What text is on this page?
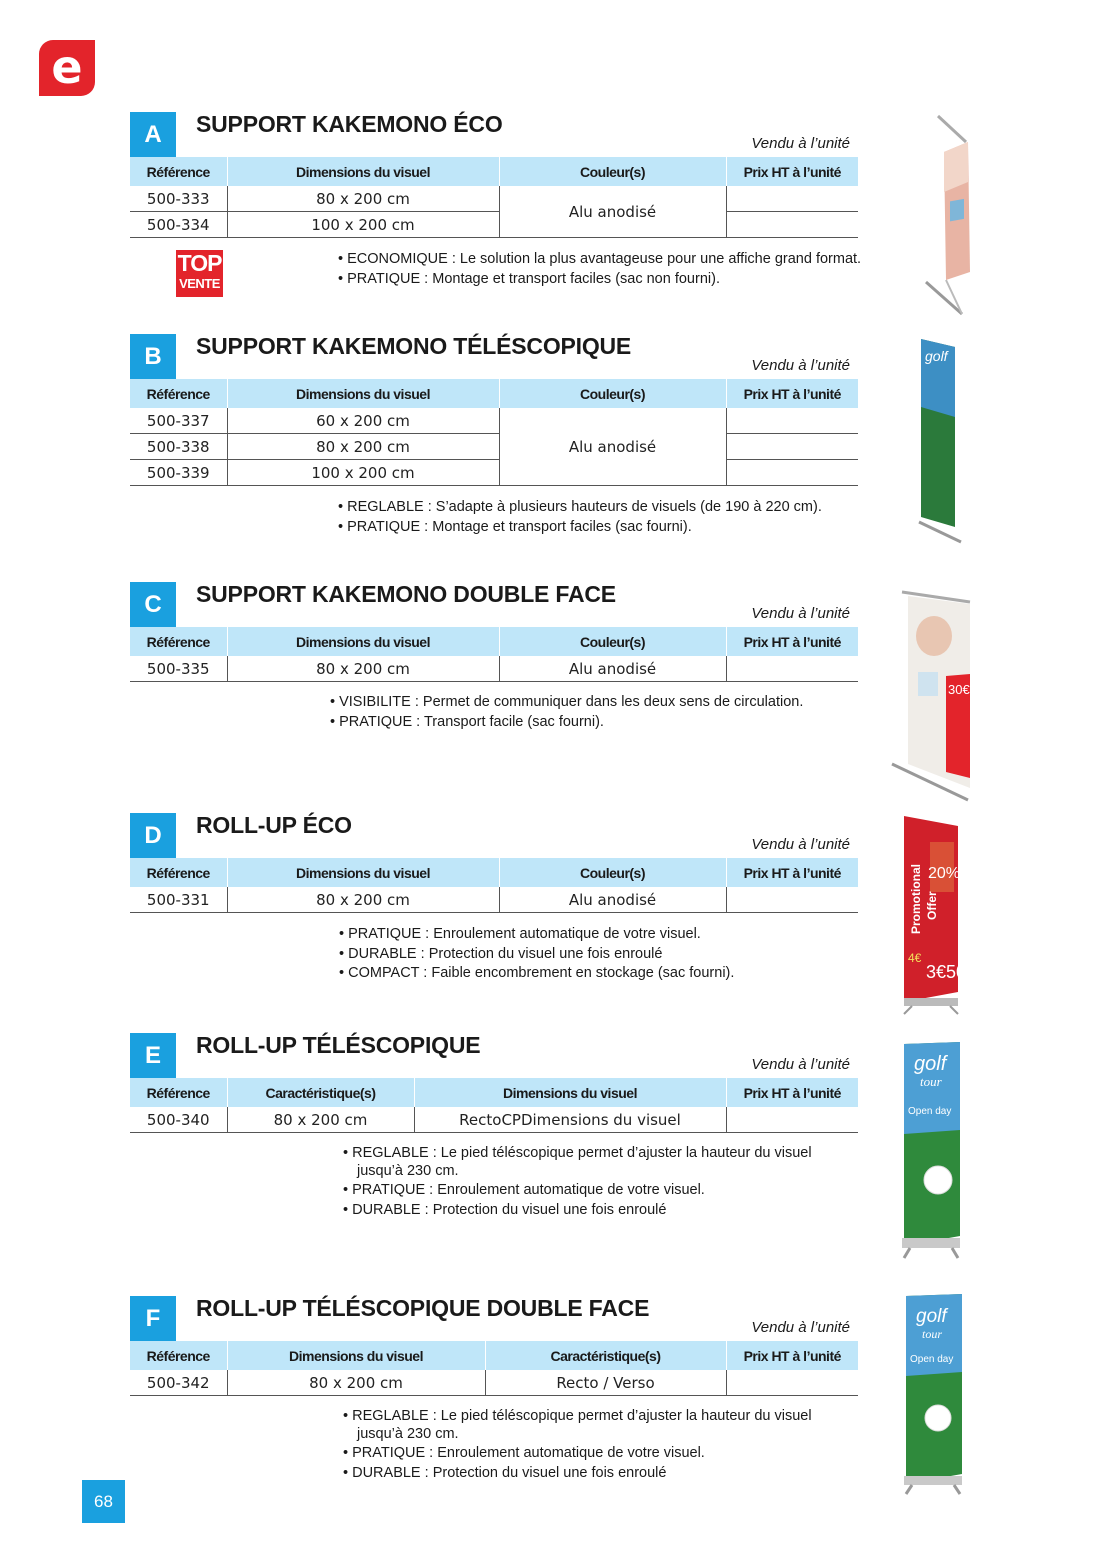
e
A	SUPPORT KAKEMONO ÉCO
Vendu à l’unité
Référence	Dimensions du visuel	Couleur(s)	Prix HT à l’unité
500-333	80 x 200 cm	Alu anodisé	
500-334	100 x 200 cm		
TOP
VENTE
• ECONOMIQUE : Le solution la plus avantageuse pour une affiche grand format.
• PRATIQUE : Montage et transport faciles (sac non fourni).
B	SUPPORT KAKEMONO TÉLÉSCOPIQUE
Vendu à l’unité
Référence	Dimensions du visuel	Couleur(s)	Prix HT à l’unité
500-337	60 x 200 cm	Alu anodisé	
500-338	80 x 200 cm		
500-339	100 x 200 cm		
• REGLABLE : S’adapte à plusieurs hauteurs de visuels (de 190 à 220 cm).
• PRATIQUE : Montage et transport faciles (sac fourni).
C	SUPPORT KAKEMONO DOUBLE FACE
Vendu à l’unité
Référence	Dimensions du visuel	Couleur(s)	Prix HT à l’unité
500-335	80 x 200 cm	Alu anodisé	
• VISIBILITE : Permet de communiquer dans les deux sens de circulation.
• PRATIQUE : Transport facile (sac fourni).
D	ROLL-UP ÉCO
Vendu à l’unité
Référence	Dimensions du visuel	Couleur(s)	Prix HT à l’unité
500-331	80 x 200 cm	Alu anodisé	
• PRATIQUE : Enroulement automatique de votre visuel.
• DURABLE : Protection du visuel une fois enroulé
• COMPACT : Faible encombrement en stockage (sac fourni).
E	ROLL-UP TÉLÉSCOPIQUE
Vendu à l’unité
Référence	Caractéristique(s)	Dimensions du visuel	Prix HT à l’unité
500-340	80 x 200 cm	RectoCPDimensions du visuel	
• REGLABLE : Le pied téléscopique permet d’ajuster la hauteur du visuel jusqu’à 230 cm.
• PRATIQUE : Enroulement automatique de votre visuel.
• DURABLE : Protection du visuel une fois enroulé
F	ROLL-UP TÉLÉSCOPIQUE DOUBLE FACE
Vendu à l’unité
Référence	Dimensions du visuel	Caractéristique(s)	Prix HT à l’unité
500-342	80 x 200 cm	Recto / Verso	
• REGLABLE : Le pied téléscopique permet d’ajuster la hauteur du visuel jusqu’à 230 cm.
• PRATIQUE : Enroulement automatique de votre visuel.
• DURABLE : Protection du visuel une fois enroulé
golf
30€
Promotional Offer
20%
4€
3€50
golf
tour
Open day
golf
tour
Open day
68
